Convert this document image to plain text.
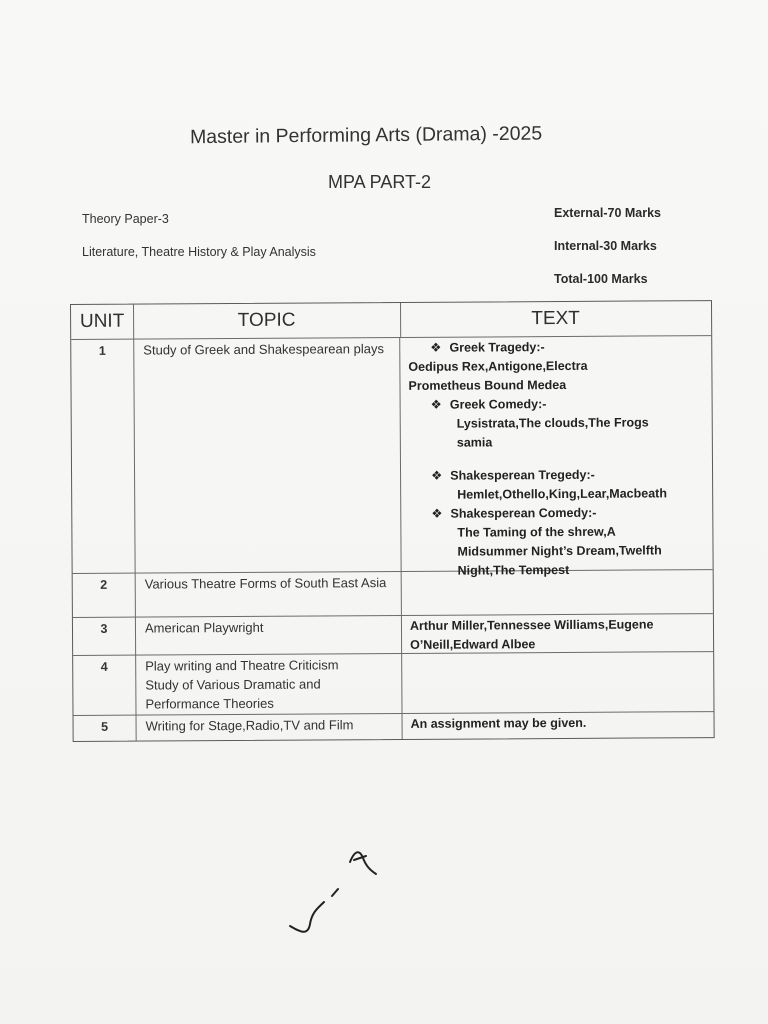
Master in Performing Arts (Drama) -2025
MPA PART-2
Theory Paper-3
Literature, Theatre History & Play Analysis
External-70 Marks
Internal-30 Marks
Total-100 Marks
UNIT	TOPIC	TEXT
1	Study of Greek and Shakespearean plays
❖	Greek Tragedy:-
Oedipus Rex,Antigone,Electra
Prometheus Bound Medea
❖ Greek Comedy:-
Lysistrata,The clouds,The Frogs
samia
❖ Shakesperean Tregedy:-
Hemlet,Othello,King,Lear,Macbeath
❖ Shakesperean Comedy:-
The Taming of the shrew,A
Midsummer Night’s Dream,Twelfth
Night,The Tempest
2	Various Theatre Forms of South East Asia
3	American Playwright	Arthur Miller,Tennessee Williams,Eugene O’Neill,Edward Albee
4	Play writing and Theatre Criticism
Study of Various Dramatic and
Performance Theories
5	Writing for Stage,Radio,TV and Film	An assignment may be given.
